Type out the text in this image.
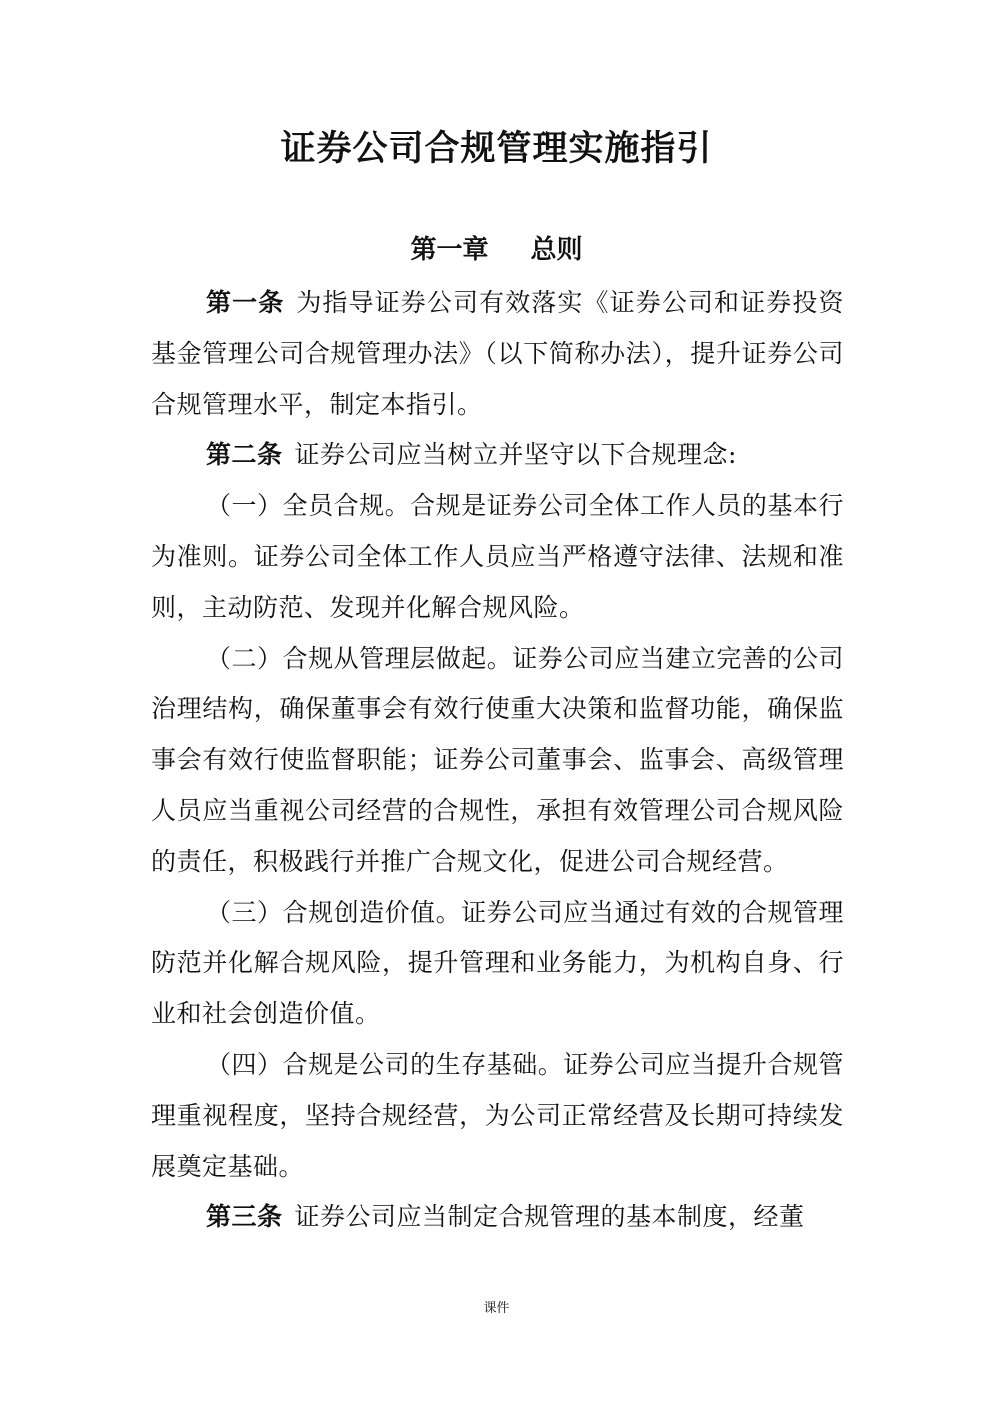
证券公司合规管理实施指引
第一章 总则

第一条 为指导证券公司有效落实《证券公司和证券投资基金管理公司合规管理办法》（以下简称办法），提升证券公司合规管理水平，制定本指引。

第二条 证券公司应当树立并坚守以下合规理念:

（一）全员合规。合规是证券公司全体工作人员的基本行为准则。证券公司全体工作人员应当严格遵守法律、法规和准则，主动防范、发现并化解合规风险。

（二）合规从管理层做起。证券公司应当建立完善的公司治理结构，确保董事会有效行使重大决策和监督功能，确保监事会有效行使监督职能；证券公司董事会、监事会、高级管理人员应当重视公司经营的合规性，承担有效管理公司合规风险的责任，积极践行并推广合规文化，促进公司合规经营。

（三）合规创造价值。证券公司应当通过有效的合规管理防范并化解合规风险，提升管理和业务能力，为机构自身、行业和社会创造价值。

（四）合规是公司的生存基础。证券公司应当提升合规管理重视程度，坚持合规经营，为公司正常经营及长期可持续发展奠定基础。

第三条 证券公司应当制定合规管理的基本制度，经董

课件
